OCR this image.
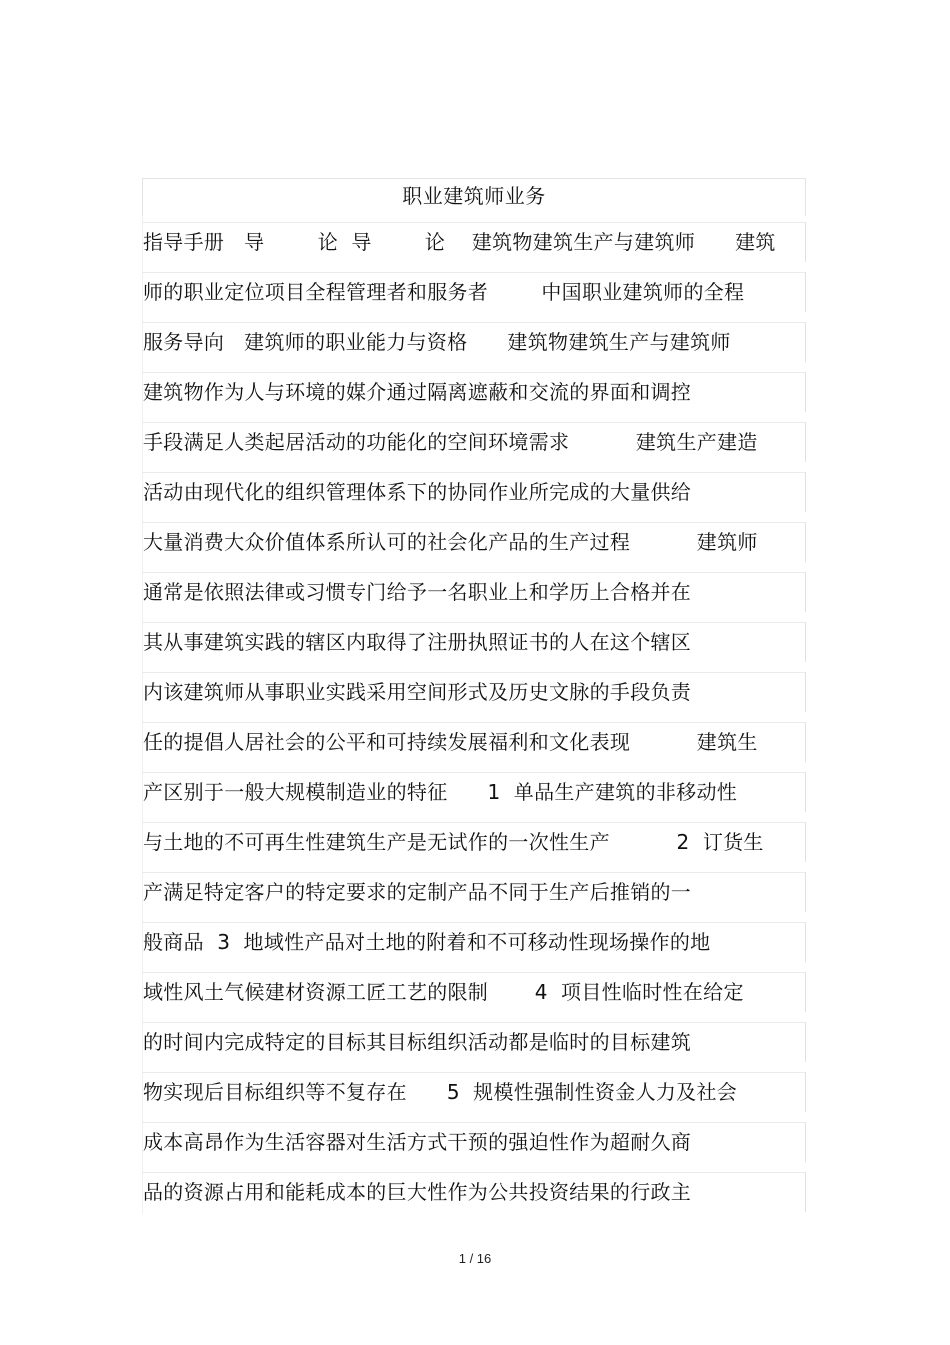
职业建筑师业务
指导手册   导        论  导        论    建筑物建筑生产与建筑师      建筑
师的职业定位项目全程管理者和服务者        中国职业建筑师的全程
服务导向   建筑师的职业能力与资格      建筑物建筑生产与建筑师
建筑物作为人与环境的媒介通过隔离遮蔽和交流的界面和调控
手段满足人类起居活动的功能化的空间环境需求          建筑生产建造
活动由现代化的组织管理体系下的协同作业所完成的大量供给
大量消费大众价值体系所认可的社会化产品的生产过程          建筑师
通常是依照法律或习惯专门给予一名职业上和学历上合格并在
其从事建筑实践的辖区内取得了注册执照证书的人在这个辖区
内该建筑师从事职业实践采用空间形式及历史文脉的手段负责
任的提倡人居社会的公平和可持续发展福利和文化表现          建筑生
产区别于一般大规模制造业的特征      1  单品生产建筑的非移动性
与土地的不可再生性建筑生产是无试作的一次性生产          2  订货生
产满足特定客户的特定要求的定制产品不同于生产后推销的一
般商品  3  地域性产品对土地的附着和不可移动性现场操作的地
域性风土气候建材资源工匠工艺的限制       4  项目性临时性在给定
的时间内完成特定的目标其目标组织活动都是临时的目标建筑
物实现后目标组织等不复存在      5  规模性强制性资金人力及社会
成本高昂作为生活容器对生活方式干预的强迫性作为超耐久商
品的资源占用和能耗成本的巨大性作为公共投资结果的行政主
1 / 16
